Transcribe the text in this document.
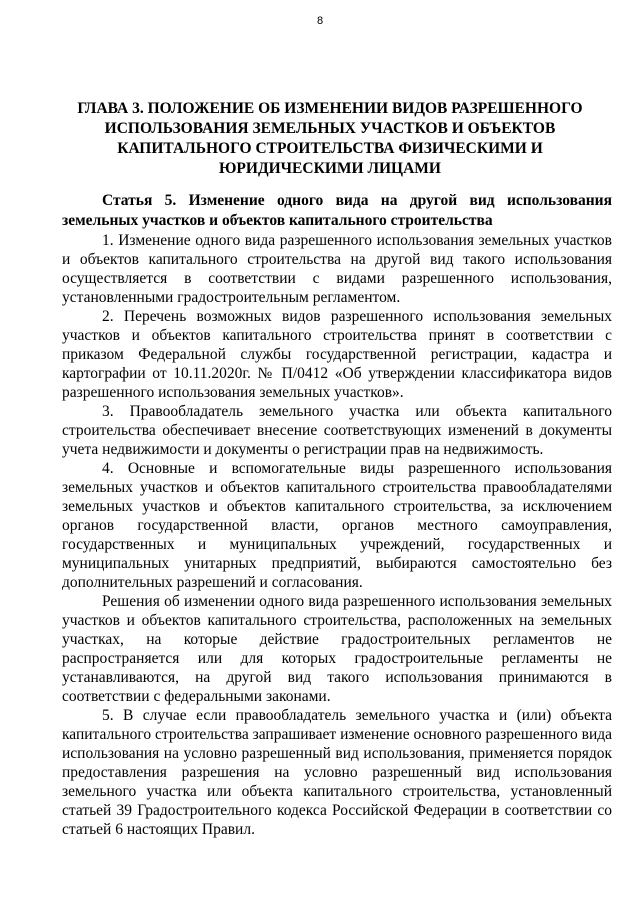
8
ГЛАВА 3. ПОЛОЖЕНИЕ ОБ ИЗМЕНЕНИИ ВИДОВ РАЗРЕШЕННОГО ИСПОЛЬЗОВАНИЯ ЗЕМЕЛЬНЫХ УЧАСТКОВ И ОБЪЕКТОВ КАПИТАЛЬНОГО СТРОИТЕЛЬСТВА ФИЗИЧЕСКИМИ И ЮРИДИЧЕСКИМИ ЛИЦАМИ
Статья 5. Изменение одного вида на другой вид использования земельных участков и объектов капитального строительства

1. Изменение одного вида разрешенного использования земельных участков и объектов капитального строительства на другой вид такого использования осуществляется в соответствии с видами разрешенного использования, установленными градостроительным регламентом.

2. Перечень возможных видов разрешенного использования земельных участков и объектов капитального строительства принят в соответствии с приказом Федеральной службы государственной регистрации, кадастра и картографии от 10.11.2020г. № П/0412 «Об утверждении классификатора видов разрешенного использования земельных участков».

3. Правообладатель земельного участка или объекта капитального строительства обеспечивает внесение соответствующих изменений в документы учета недвижимости и документы о регистрации прав на недвижимость.

4. Основные и вспомогательные виды разрешенного использования земельных участков и объектов капитального строительства правообладателями земельных участков и объектов капитального строительства, за исключением органов государственной власти, органов местного самоуправления, государственных и муниципальных учреждений, государственных и муниципальных унитарных предприятий, выбираются самостоятельно без дополнительных разрешений и согласования.

Решения об изменении одного вида разрешенного использования земельных участков и объектов капитального строительства, расположенных на земельных участках, на которые действие градостроительных регламентов не распространяется или для которых градостроительные регламенты не устанавливаются, на другой вид такого использования принимаются в соответствии с федеральными законами.

5. В случае если правообладатель земельного участка и (или) объекта капитального строительства запрашивает изменение основного разрешенного вида использования на условно разрешенный вид использования, применяется порядок предоставления разрешения на условно разрешенный вид использования земельного участка или объекта капитального строительства, установленный статьей 39 Градостроительного кодекса Российской Федерации в соответствии со статьей 6 настоящих Правил.
